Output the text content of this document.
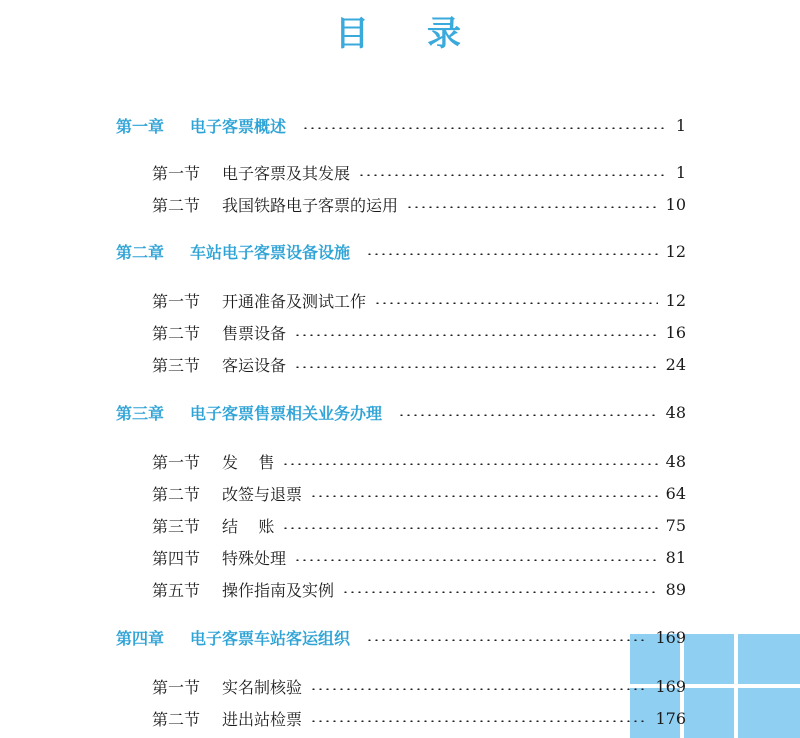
目 录
第一章 电子客票概述	1
第一节 电子客票及其发展	1
第二节 我国铁路电子客票的运用	10
第二章 车站电子客票设备设施	12
第一节 开通准备及测试工作	12
第二节 售票设备	16
第三节 客运设备	24
第三章 电子客票售票相关业务办理	48
第一节 发    售	48
第二节 改签与退票	64
第三节 结    账	75
第四节 特殊处理	81
第五节 操作指南及实例	89
第四章 电子客票车站客运组织	169
第一节 实名制核验	169
第二节 进出站检票	176
